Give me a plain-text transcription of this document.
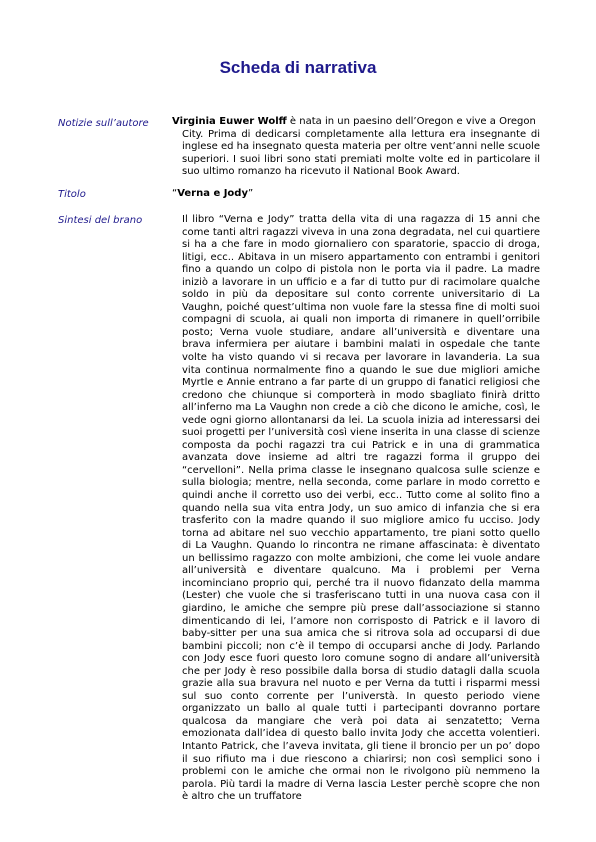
Scheda di narrativa
Notizie sull’autore Virginia Euwer Wolff è nata in un paesino dell’Oregon e vive a Oregon
City. Prima di dedicarsi completamente alla lettura era insegnante di inglese ed ha insegnato questa materia per oltre vent’anni nelle scuole superiori. I suoi libri sono stati premiati molte volte ed in particolare il suo ultimo romanzo ha ricevuto il National Book Award.
Titolo	“Verna e Jody”
Sintesi del brano	Il libro “Verna e Jody” tratta della vita di una ragazza di 15 anni che come tanti altri ragazzi viveva in una zona degradata, nel cui quartiere si ha a che fare in modo giornaliero con sparatorie, spaccio di droga, litigi, ecc.. Abitava in un misero appartamento con entrambi i genitori fino a quando un colpo di pistola non le porta via il padre. La madre iniziò a lavorare in un ufficio e a far di tutto pur di racimolare qualche soldo in più da depositare sul conto corrente universitario di La Vaughn, poiché quest’ultima non vuole fare la stessa fine di molti suoi compagni di scuola, ai quali non importa di rimanere in quell’orribile posto; Verna vuole studiare, andare all’università e diventare una brava infermiera per aiutare i bambini malati in ospedale che tante volte ha visto quando vi si recava per lavorare in lavanderia. La sua vita continua normalmente fino a quando le sue due migliori amiche Myrtle e Annie entrano a far parte di un gruppo di fanatici religiosi che credono che chiunque si comporterà in modo sbagliato finirà dritto all’inferno ma La Vaughn non crede a ciò che dicono le amiche, così, le vede ogni giorno allontanarsi da lei. La scuola inizia ad interessarsi dei suoi progetti per l’università così viene inserita in una classe di scienze composta da pochi ragazzi tra cui Patrick e in una di grammatica avanzata dove insieme ad altri tre ragazzi forma il gruppo dei “cervelloni”. Nella prima classe le insegnano qualcosa sulle scienze e sulla biologia; mentre, nella seconda, come parlare in modo corretto e quindi anche il corretto uso dei verbi, ecc.. Tutto come al solito fino a quando nella sua vita entra Jody, un suo amico di infanzia che si era trasferito con la madre quando il suo migliore amico fu ucciso. Jody torna ad abitare nel suo vecchio appartamento, tre piani sotto quello di La Vaughn. Quando lo rincontra ne rimane affascinata: è diventato un bellissimo ragazzo con molte ambizioni, che come lei vuole andare all’università e diventare qualcuno. Ma i problemi per Verna incominciano proprio qui, perché tra il nuovo fidanzato della mamma (Lester) che vuole che si trasferiscano tutti in una nuova casa con il giardino, le amiche che sempre più prese dall’associazione si stanno dimenticando di lei, l’amore non corrisposto di Patrick e il lavoro di baby-sitter per una sua amica che si ritrova sola ad occuparsi di due bambini piccoli; non c’è il tempo di occuparsi anche di Jody. Parlando con Jody esce fuori questo loro comune sogno di andare all’università che per Jody è reso possibile dalla borsa di studio datagli dalla scuola grazie alla sua bravura nel nuoto e per Verna da tutti i risparmi messi sul suo conto corrente per l’universtà. In questo periodo viene organizzato un ballo al quale tutti i partecipanti dovranno portare qualcosa da mangiare che verà poi data ai senzatetto; Verna emozionata dall’idea di questo ballo invita Jody che accetta volentieri. Intanto Patrick, che l’aveva invitata, gli tiene il broncio per un po’ dopo il suo rifiuto ma i due riescono a chiarirsi; non così semplici sono i problemi con le amiche che ormai non le rivolgono più nemmeno la parola. Più tardi la madre di Verna lascia Lester perchè scopre che non è altro che un truffatore
